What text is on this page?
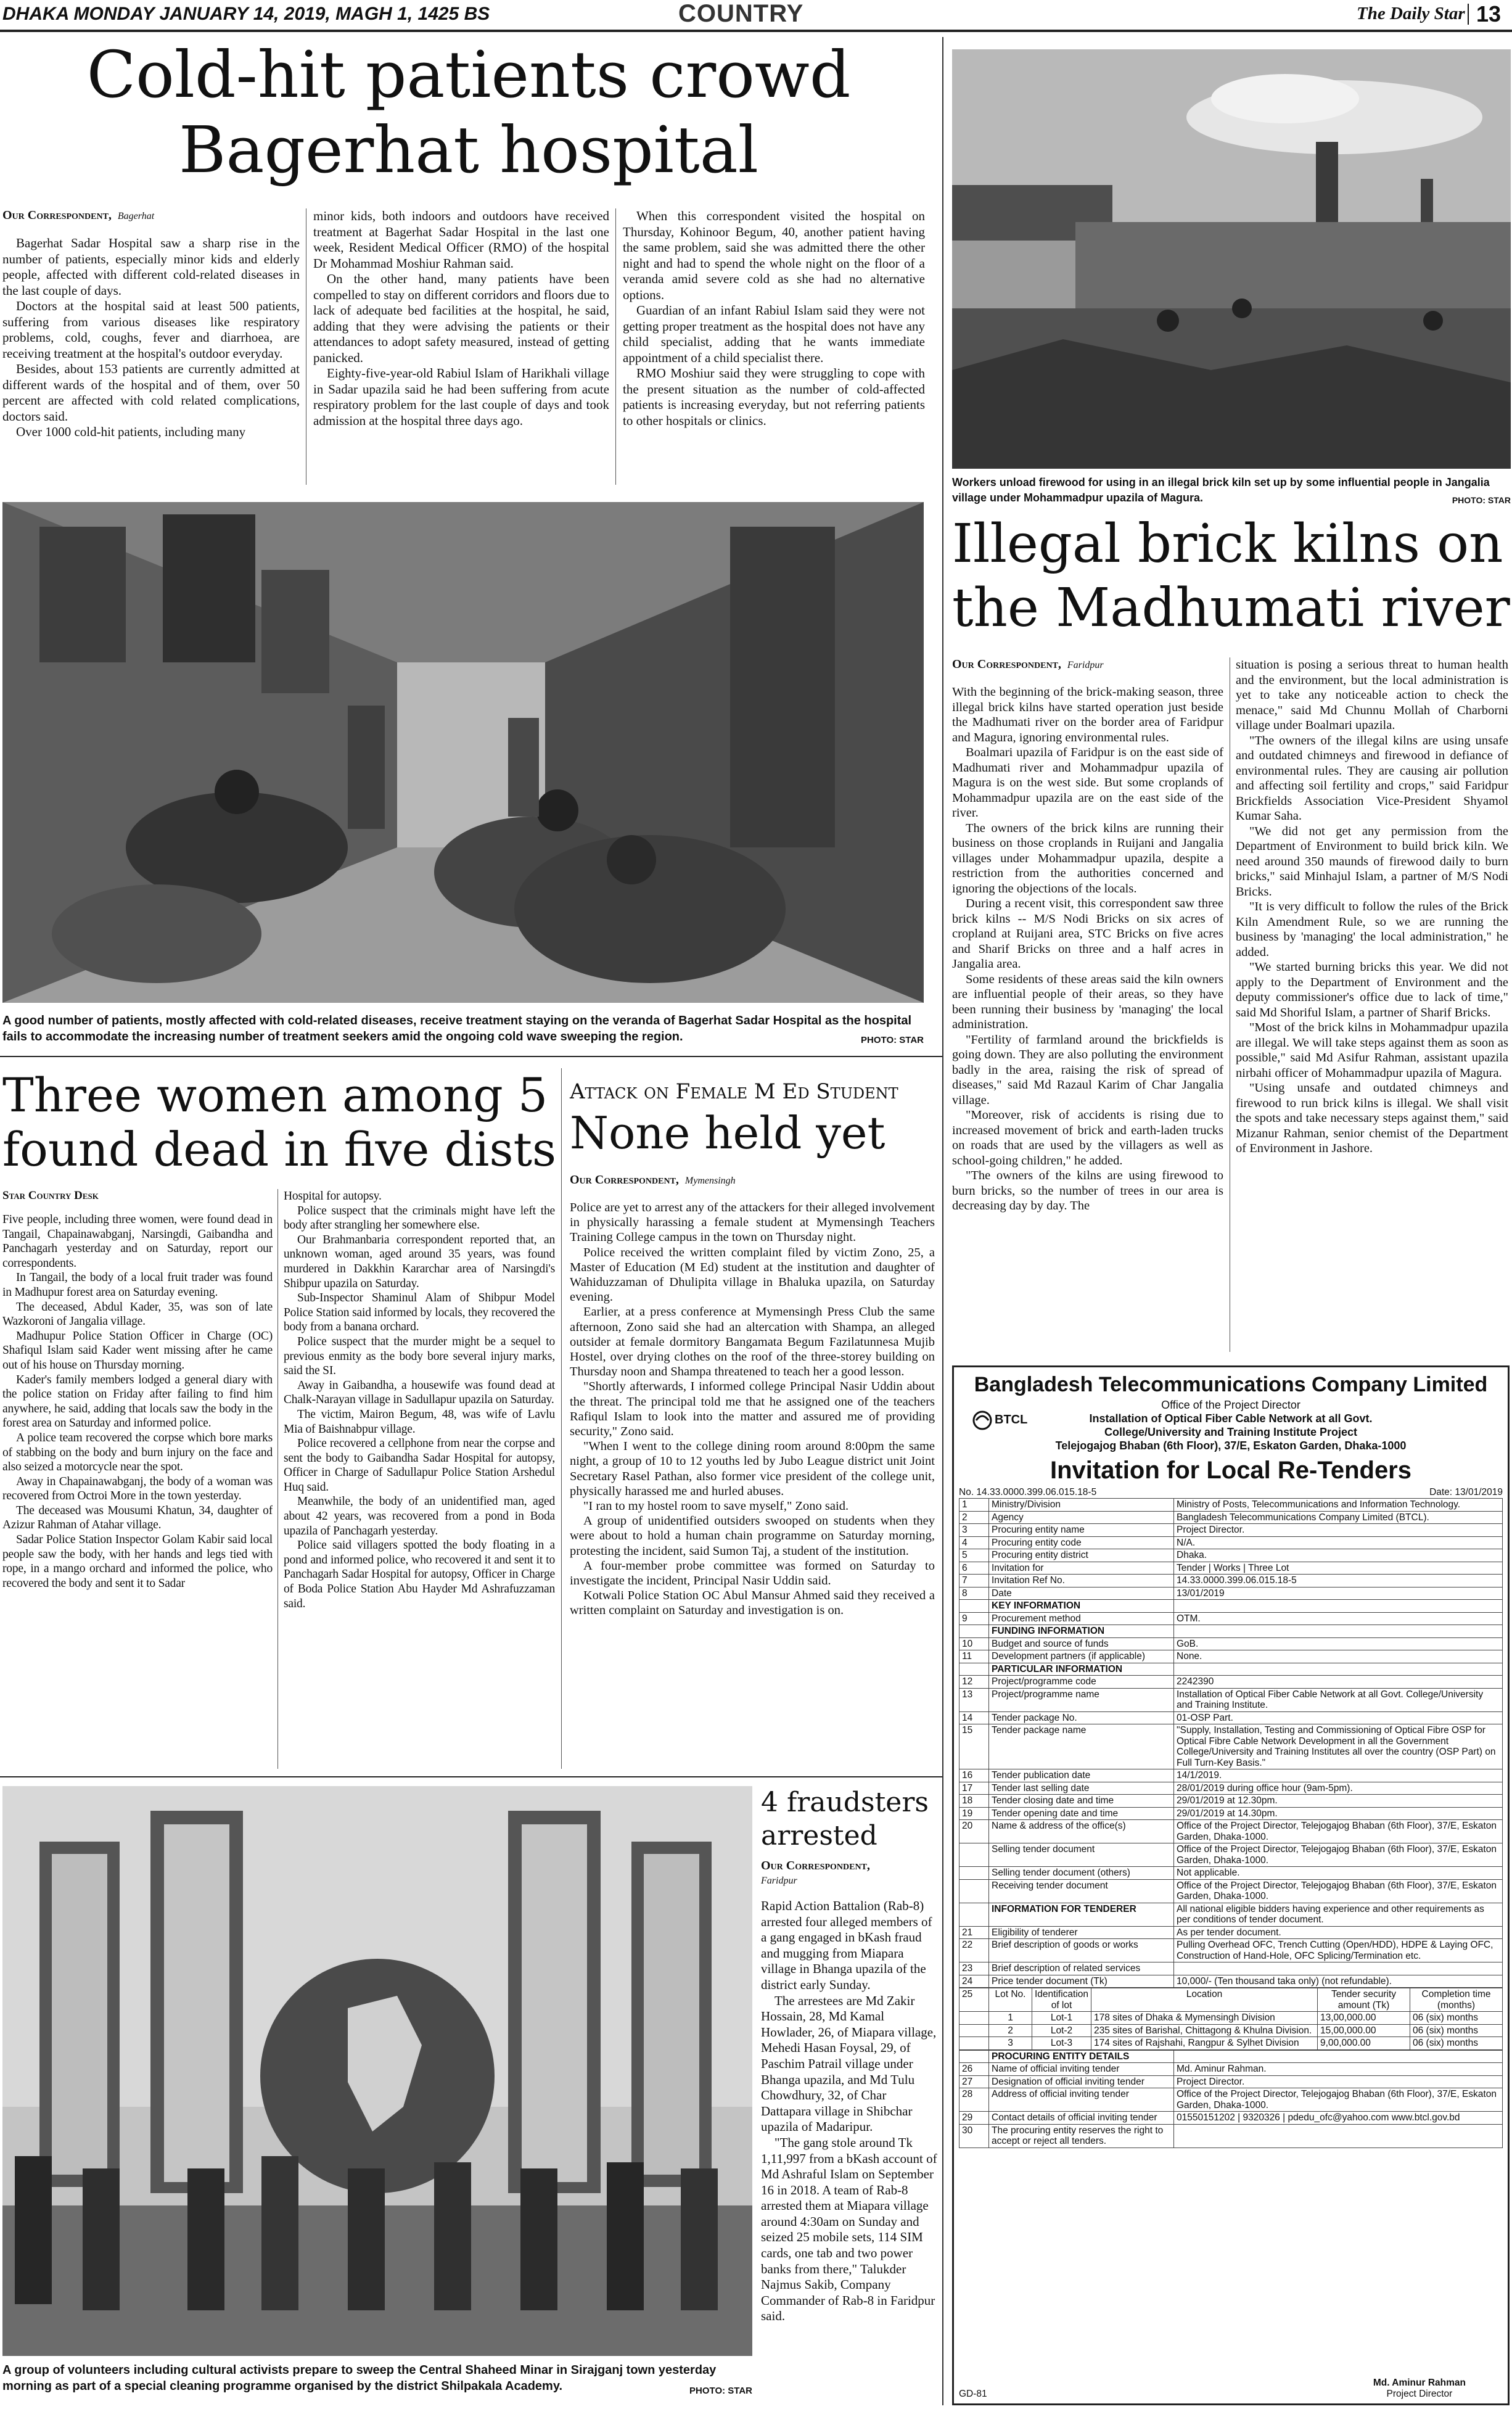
DHAKA MONDAY JANUARY 14, 2019, MAGH 1, 1425 BS	COUNTRY	The Daily Star 13
Cold-hit patients crowd
Bagerhat hospital
Our Correspondent, Bagerhat

Bagerhat Sadar Hospital saw a sharp rise in the number of patients, especially minor kids and elderly people, affected with different cold-related diseases in the last couple of days.

Doctors at the hospital said at least 500 patients, suffering from various diseases like respiratory problems, cold, coughs, fever and diarrhoea, are receiving treatment at the hospital's outdoor everyday.

Besides, about 153 patients are currently admitted at different wards of the hospital and of them, over 50 percent are affected with cold related complications, doctors said.

Over 1000 cold-hit patients, including many

minor kids, both indoors and outdoors have received treatment at Bagerhat Sadar Hospital in the last one week, Resident Medical Officer (RMO) of the hospital Dr Mohammad Moshiur Rahman said.

On the other hand, many patients have been compelled to stay on different corridors and floors due to lack of adequate bed facilities at the hospital, he said, adding that they were advising the patients or their attendances to adopt safety measured, instead of getting panicked.

Eighty-five-year-old Rabiul Islam of Harikhali village in Sadar upazila said he had been suffering from acute respiratory problem for the last couple of days and took admission at the hospital three days ago.

When this correspondent visited the hospital on Thursday, Kohinoor Begum, 40, another patient having the same problem, said she was admitted there the other night and had to spend the whole night on the floor of a veranda amid severe cold as she had no alternative options.

Guardian of an infant Rabiul Islam said they were not getting proper treatment as the hospital does not have any child specialist, adding that he wants immediate appointment of a child specialist there.

RMO Moshiur said they were struggling to cope with the present situation as the number of cold-affected patients is increasing everyday, but not referring patients to other hospitals or clinics.

A good number of patients, mostly affected with cold-related diseases, receive treatment staying on the veranda of Bagerhat Sadar Hospital as the hospital fails to accommodate the increasing number of treatment seekers amid the ongoing cold wave sweeping the region.	PHOTO: STAR
Workers unload firewood for using in an illegal brick kiln set up by some influential people in Jangalia village under Mohammadpur upazila of Magura.	PHOTO: STAR
Illegal brick kilns on
the Madhumati river
Our Correspondent, Faridpur

With the beginning of the brick-making season, three illegal brick kilns have started operation just beside the Madhumati river on the border area of Faridpur and Magura, ignoring environmental rules.

Boalmari upazila of Faridpur is on the east side of Madhumati river and Mohammadpur upazila of Magura is on the west side. But some croplands of Mohammadpur upazila are on the east side of the river.

The owners of the brick kilns are running their business on those croplands in Ruijani and Jangalia villages under Mohammadpur upazila, despite a restriction from the authorities concerned and ignoring the objections of the locals.

During a recent visit, this correspondent saw three brick kilns -- M/S Nodi Bricks on six acres of cropland at Ruijani area, STC Bricks on five acres and Sharif Bricks on three and a half acres in Jangalia area.

Some residents of these areas said the kiln owners are influential people of their areas, so they have been running their business by 'managing' the local administration.

"Fertility of farmland around the brickfields is going down. They are also polluting the environment badly in the area, raising the risk of spread of diseases," said Md Razaul Karim of Char Jangalia village.

"Moreover, risk of accidents is rising due to increased movement of brick and earth-laden trucks on roads that are used by the villagers as well as school-going children," he added.

"The owners of the kilns are using firewood to burn bricks, so the number of trees in our area is decreasing day by day. The

situation is posing a serious threat to human health and the environment, but the local administration is yet to take any noticeable action to check the menace," said Md Chunnu Mollah of Charborni village under Boalmari upazila.

"The owners of the illegal kilns are using unsafe and outdated chimneys and firewood in defiance of environmental rules. They are causing air pollution and affecting soil fertility and crops," said Faridpur Brickfields Association Vice-President Shyamol Kumar Saha.

"We did not get any permission from the Department of Environment to build brick kiln. We need around 350 maunds of firewood daily to burn bricks," said Minhajul Islam, a partner of M/S Nodi Bricks.

"It is very difficult to follow the rules of the Brick Kiln Amendment Rule, so we are running the business by 'managing' the local administration," he added.

"We started burning bricks this year. We did not apply to the Department of Environment and the deputy commissioner's office due to lack of time," said Md Shoriful Islam, a partner of Sharif Bricks.

"Most of the brick kilns in Mohammadpur upazila are illegal. We will take steps against them as soon as possible," said Md Asifur Rahman, assistant upazila nirbahi officer of Mohammadpur upazila of Magura.

"Using unsafe and outdated chimneys and firewood to run brick kilns is illegal. We shall visit the spots and take necessary steps against them," said Mizanur Rahman, senior chemist of the Department of Environment in Jashore.

Three women among 5
found dead in five dists
Star Country Desk

Five people, including three women, were found dead in Tangail, Chapainawabganj, Narsingdi, Gaibandha and Panchagarh yesterday and on Saturday, report our correspondents.

In Tangail, the body of a local fruit trader was found in Madhupur forest area on Saturday evening.

The deceased, Abdul Kader, 35, was son of late Wazkoroni of Jangalia village.

Madhupur Police Station Officer in Charge (OC) Shafiqul Islam said Kader went missing after he came out of his house on Thursday morning.

Kader's family members lodged a general diary with the police station on Friday after failing to find him anywhere, he said, adding that locals saw the body in the forest area on Saturday and informed police.

A police team recovered the corpse which bore marks of stabbing on the body and burn injury on the face and also seized a motorcycle near the spot.

Away in Chapainawabganj, the body of a woman was recovered from Octroi More in the town yesterday.

The deceased was Mousumi Khatun, 34, daughter of Azizur Rahman of Atahar village.

Sadar Police Station Inspector Golam Kabir said local people saw the body, with her hands and legs tied with rope, in a mango orchard and informed the police, who recovered the body and sent it to Sadar

Hospital for autopsy.

Police suspect that the criminals might have left the body after strangling her somewhere else.

Our Brahmanbaria correspondent reported that, an unknown woman, aged around 35 years, was found murdered in Dakkhin Kararchar area of Narsingdi's Shibpur upazila on Saturday.

Sub-Inspector Shaminul Alam of Shibpur Model Police Station said informed by locals, they recovered the body from a banana orchard.

Police suspect that the murder might be a sequel to previous enmity as the body bore several injury marks, said the SI.

Away in Gaibandha, a housewife was found dead at Chalk-Narayan village in Sadullapur upazila on Saturday.

The victim, Mairon Begum, 48, was wife of Lavlu Mia of Baishnabpur village.

Police recovered a cellphone from near the corpse and sent the body to Gaibandha Sadar Hospital for autopsy, Officer in Charge of Sadullapur Police Station Arshedul Huq said.

Meanwhile, the body of an unidentified man, aged about 42 years, was recovered from a pond in Boda upazila of Panchagarh yesterday.

Police said villagers spotted the body floating in a pond and informed police, who recovered it and sent it to Panchagarh Sadar Hospital for autopsy, Officer in Charge of Boda Police Station Abu Hayder Md Ashrafuzzaman said.

Attack on Female M Ed Student
None held yet
Our Correspondent, Mymensingh

Police are yet to arrest any of the attackers for their alleged involvement in physically harassing a female student at Mymensingh Teachers Training College campus in the town on Thursday night.

Police received the written complaint filed by victim Zono, 25, a Master of Education (M Ed) student at the institution and daughter of Wahiduzzaman of Dhulipita village in Bhaluka upazila, on Saturday evening.

Earlier, at a press conference at Mymensingh Press Club the same afternoon, Zono said she had an altercation with Shampa, an alleged outsider at female dormitory Bangamata Begum Fazilatunnesa Mujib Hostel, over drying clothes on the roof of the three-storey building on Thursday noon and Shampa threatened to teach her a good lesson.

"Shortly afterwards, I informed college Principal Nasir Uddin about the threat. The principal told me that he assigned one of the teachers Rafiqul Islam to look into the matter and assured me of providing security," Zono said.

"When I went to the college dining room around 8:00pm the same night, a group of 10 to 12 youths led by Jubo League district unit Joint Secretary Rasel Pathan, also former vice president of the college unit, physically harassed me and hurled abuses.

"I ran to my hostel room to save myself," Zono said.

A group of unidentified outsiders swooped on students when they were about to hold a human chain programme on Saturday morning, protesting the incident, said Sumon Taj, a student of the institution.

A four-member probe committee was formed on Saturday to investigate the incident, Principal Nasir Uddin said.

Kotwali Police Station OC Abul Mansur Ahmed said they received a written complaint on Saturday and investigation is on.

A group of volunteers including cultural activists prepare to sweep the Central Shaheed Minar in Sirajganj town yesterday morning as part of a special cleaning programme organised by the district Shilpakala Academy.	PHOTO: STAR
4 fraudsters
arrested
Our Correspondent,
Faridpur

Rapid Action Battalion (Rab-8) arrested four alleged members of a gang engaged in bKash fraud and mugging from Miapara village in Bhanga upazila of the district early Sunday.

The arrestees are Md Zakir Hossain, 28, Md Kamal Howlader, 26, of Miapara village, Mehedi Hasan Foysal, 29, of Paschim Patrail village under Bhanga upazila, and Md Tulu Chowdhury, 32, of Char Dattapara village in Shibchar upazila of Madaripur.

"The gang stole around Tk 1,11,997 from a bKash account of Md Ashraful Islam on September 16 in 2018. A team of Rab-8 arrested them at Miapara village around 4:30am on Sunday and seized 25 mobile sets, 114 SIM cards, one tab and two power banks from there," Talukder Najmus Sakib, Company Commander of Rab-8 in Faridpur said.

Bangladesh Telecommunications Company Limited
BTCL
Office of the Project Director
Installation of Optical Fiber Cable Network at all Govt.
College/University and Training Institute Project
Telejogajog Bhaban (6th Floor), 37/E, Eskaton Garden, Dhaka-1000
Invitation for Local Re-Tenders
No. 14.33.0000.399.06.015.18-5	Date: 13/01/2019
1	Ministry/Division	Ministry of Posts, Telecommunications and Information Technology.
2	Agency	Bangladesh Telecommunications Company Limited (BTCL).
3	Procuring entity name	Project Director.
4	Procuring entity code	N/A.
5	Procuring entity district	Dhaka.
6	Invitation for	Tender | Works | Three Lot
7	Invitation Ref No.	14.33.0000.399.06.015.18-5
8	Date	13/01/2019
	KEY INFORMATION	
9	Procurement method	OTM.
	FUNDING INFORMATION	
10	Budget and source of funds	GoB.
11	Development partners (if applicable)	None.
	PARTICULAR INFORMATION	
12	Project/programme code	2242390
13	Project/programme name	Installation of Optical Fiber Cable Network at all Govt. College/University and Training Institute.
14	Tender package No.	01-OSP Part.
15	Tender package name	"Supply, Installation, Testing and Commissioning of Optical Fibre OSP for Optical Fibre Cable Network Development in all the Government College/University and Training Institutes all over the country (OSP Part) on Full Turn-Key Basis."
16	Tender publication date	14/1/2019.
17	Tender last selling date	28/01/2019 during office hour (9am-5pm).
18	Tender closing date and time	29/01/2019 at 12.30pm.
19	Tender opening date and time	29/01/2019 at 14.30pm.
20	Name & address of the office(s)	Office of the Project Director, Telejogajog Bhaban (6th Floor), 37/E, Eskaton Garden, Dhaka-1000.
	Selling tender document	Office of the Project Director, Telejogajog Bhaban (6th Floor), 37/E, Eskaton Garden, Dhaka-1000.
	Selling tender document (others)	Not applicable.
	Receiving tender document	Office of the Project Director, Telejogajog Bhaban (6th Floor), 37/E, Eskaton Garden, Dhaka-1000.
	INFORMATION FOR TENDERER	All national eligible bidders having experience and other requirements as per conditions of tender document.
21	Eligibility of tenderer	As per tender document.
22	Brief description of goods or works	Pulling Overhead OFC, Trench Cutting (Open/HDD), HDPE & Laying OFC, Construction of Hand-Hole, OFC Splicing/Termination etc.
23	Brief description of related services	
24	Price tender document (Tk)	10,000/- (Ten thousand taka only) (not refundable).
25	Lot No.	Identification of lot	Location	Tender security amount (Tk)	Completion time (months)
	1	Lot-1	178 sites of Dhaka & Mymensingh Division	13,00,000.00	06 (six) months
	2	Lot-2	235 sites of Barishal, Chittagong & Khulna Division.	15,00,000.00	06 (six) months
	3	Lot-3	174 sites of Rajshahi, Rangpur & Sylhet Division	9,00,000.00	06 (six) months
	PROCURING ENTITY DETAILS	
26	Name of official inviting tender	Md. Aminur Rahman.
27	Designation of official inviting tender	Project Director.
28	Address of official inviting tender	Office of the Project Director, Telejogajog Bhaban (6th Floor), 37/E, Eskaton Garden, Dhaka-1000.
29	Contact details of official inviting tender	01550151202 | 9320326 | pdedu_ofc@yahoo.com www.btcl.gov.bd
30	The procuring entity reserves the right to accept or reject all tenders.	
GD-81
Md. Aminur Rahman
Project Director
